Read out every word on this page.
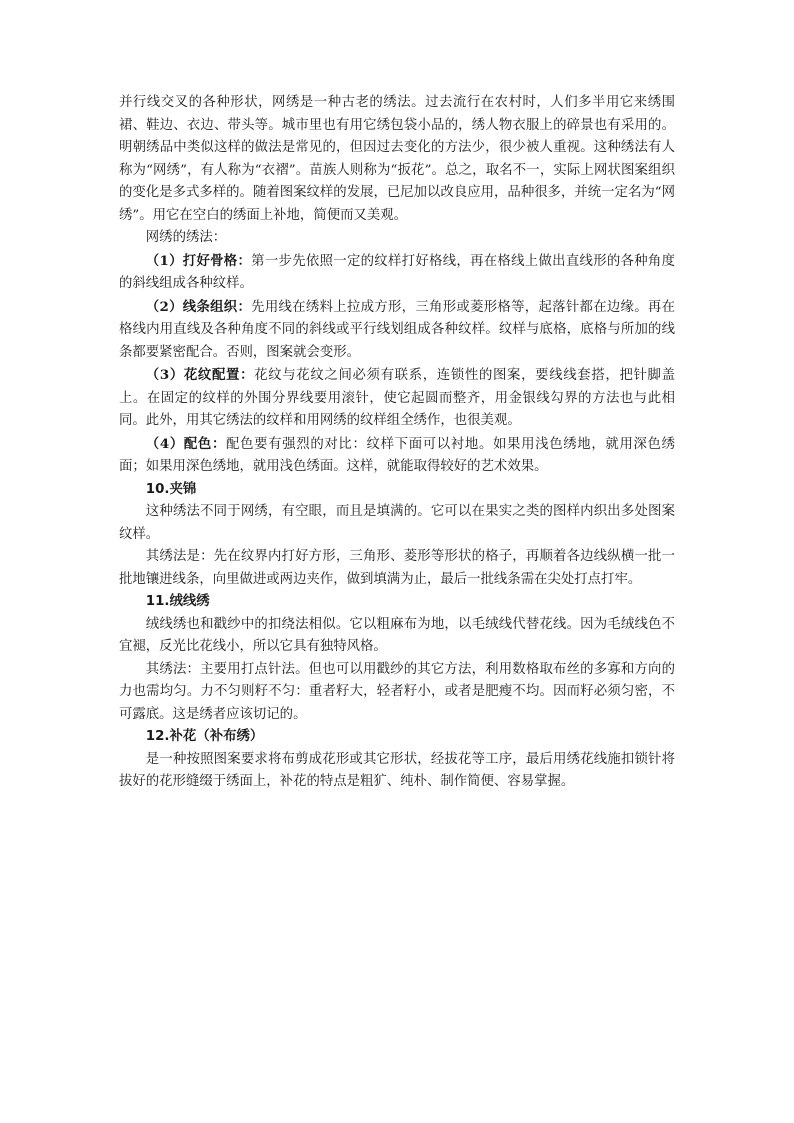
并行线交叉的各种形状，网绣是一种古老的绣法。过去流行在农村时，人们多半用它来绣围裙、鞋边、衣边、带头等。城市里也有用它绣包袋小品的，绣人物衣服上的碎景也有采用的。明朝绣品中类似这样的做法是常见的，但因过去变化的方法少，很少被人重视。这种绣法有人称为“网绣”，有人称为“衣褶”。苗族人则称为“扳花”。总之，取名不一，实际上网状图案组织的变化是多式多样的。随着图案纹样的发展，已尼加以改良应用，品种很多，并统一定名为“网绣”。用它在空白的绣面上补地，简便而又美观。

网绣的绣法：

（1）打好骨格：第一步先依照一定的纹样打好格线，再在格线上做出直线形的各种角度的斜线组成各种纹样。

（2）线条组织：先用线在绣料上拉成方形，三角形或菱形格等，起落针都在边缘。再在格线内用直线及各种角度不同的斜线或平行线划组成各种纹样。纹样与底格，底格与所加的线条都要紧密配合。否则，图案就会变形。

（3）花纹配置：花纹与花纹之间必须有联系，连锁性的图案，要线线套搭，把针脚盖上。在固定的纹样的外围分界线要用滚针，使它起圆而整齐，用金银线勾界的方法也与此相同。此外，用其它绣法的纹样和用网绣的纹样组全绣作，也很美观。

（4）配色：配色要有强烈的对比：纹样下面可以衬地。如果用浅色绣地，就用深色绣面；如果用深色绣地，就用浅色绣面。这样，就能取得较好的艺术效果。

10.夹锦

这种绣法不同于网绣，有空眼，而且是填满的。它可以在果实之类的图样内织出多处图案纹样。

其绣法是：先在纹界内打好方形，三角形、菱形等形状的格子，再顺着各边线纵横一批一批地镶进线条，向里做进或两边夹作，做到填满为止，最后一批线条需在尖处打点打牢。

11.绒线绣

绒线绣也和戳纱中的扣绕法相似。它以粗麻布为地，以毛绒线代替花线。因为毛绒线色不宜褪，反光比花线小，所以它具有独特风格。

其绣法：主要用打点针法。但也可以用戳纱的其它方法，利用数格取布丝的多寡和方向的力也需均匀。力不匀则籽不匀：重者籽大，轻者籽小，或者是肥瘦不均。因而籽必须匀密，不可露底。这是绣者应该切记的。

12.补花（补布绣）

是一种按照图案要求将布剪成花形或其它形状，经拔花等工序，最后用绣花线施扣锁针将拔好的花形缝缀于绣面上，补花的特点是粗犷、纯朴、制作简便、容易掌握。
